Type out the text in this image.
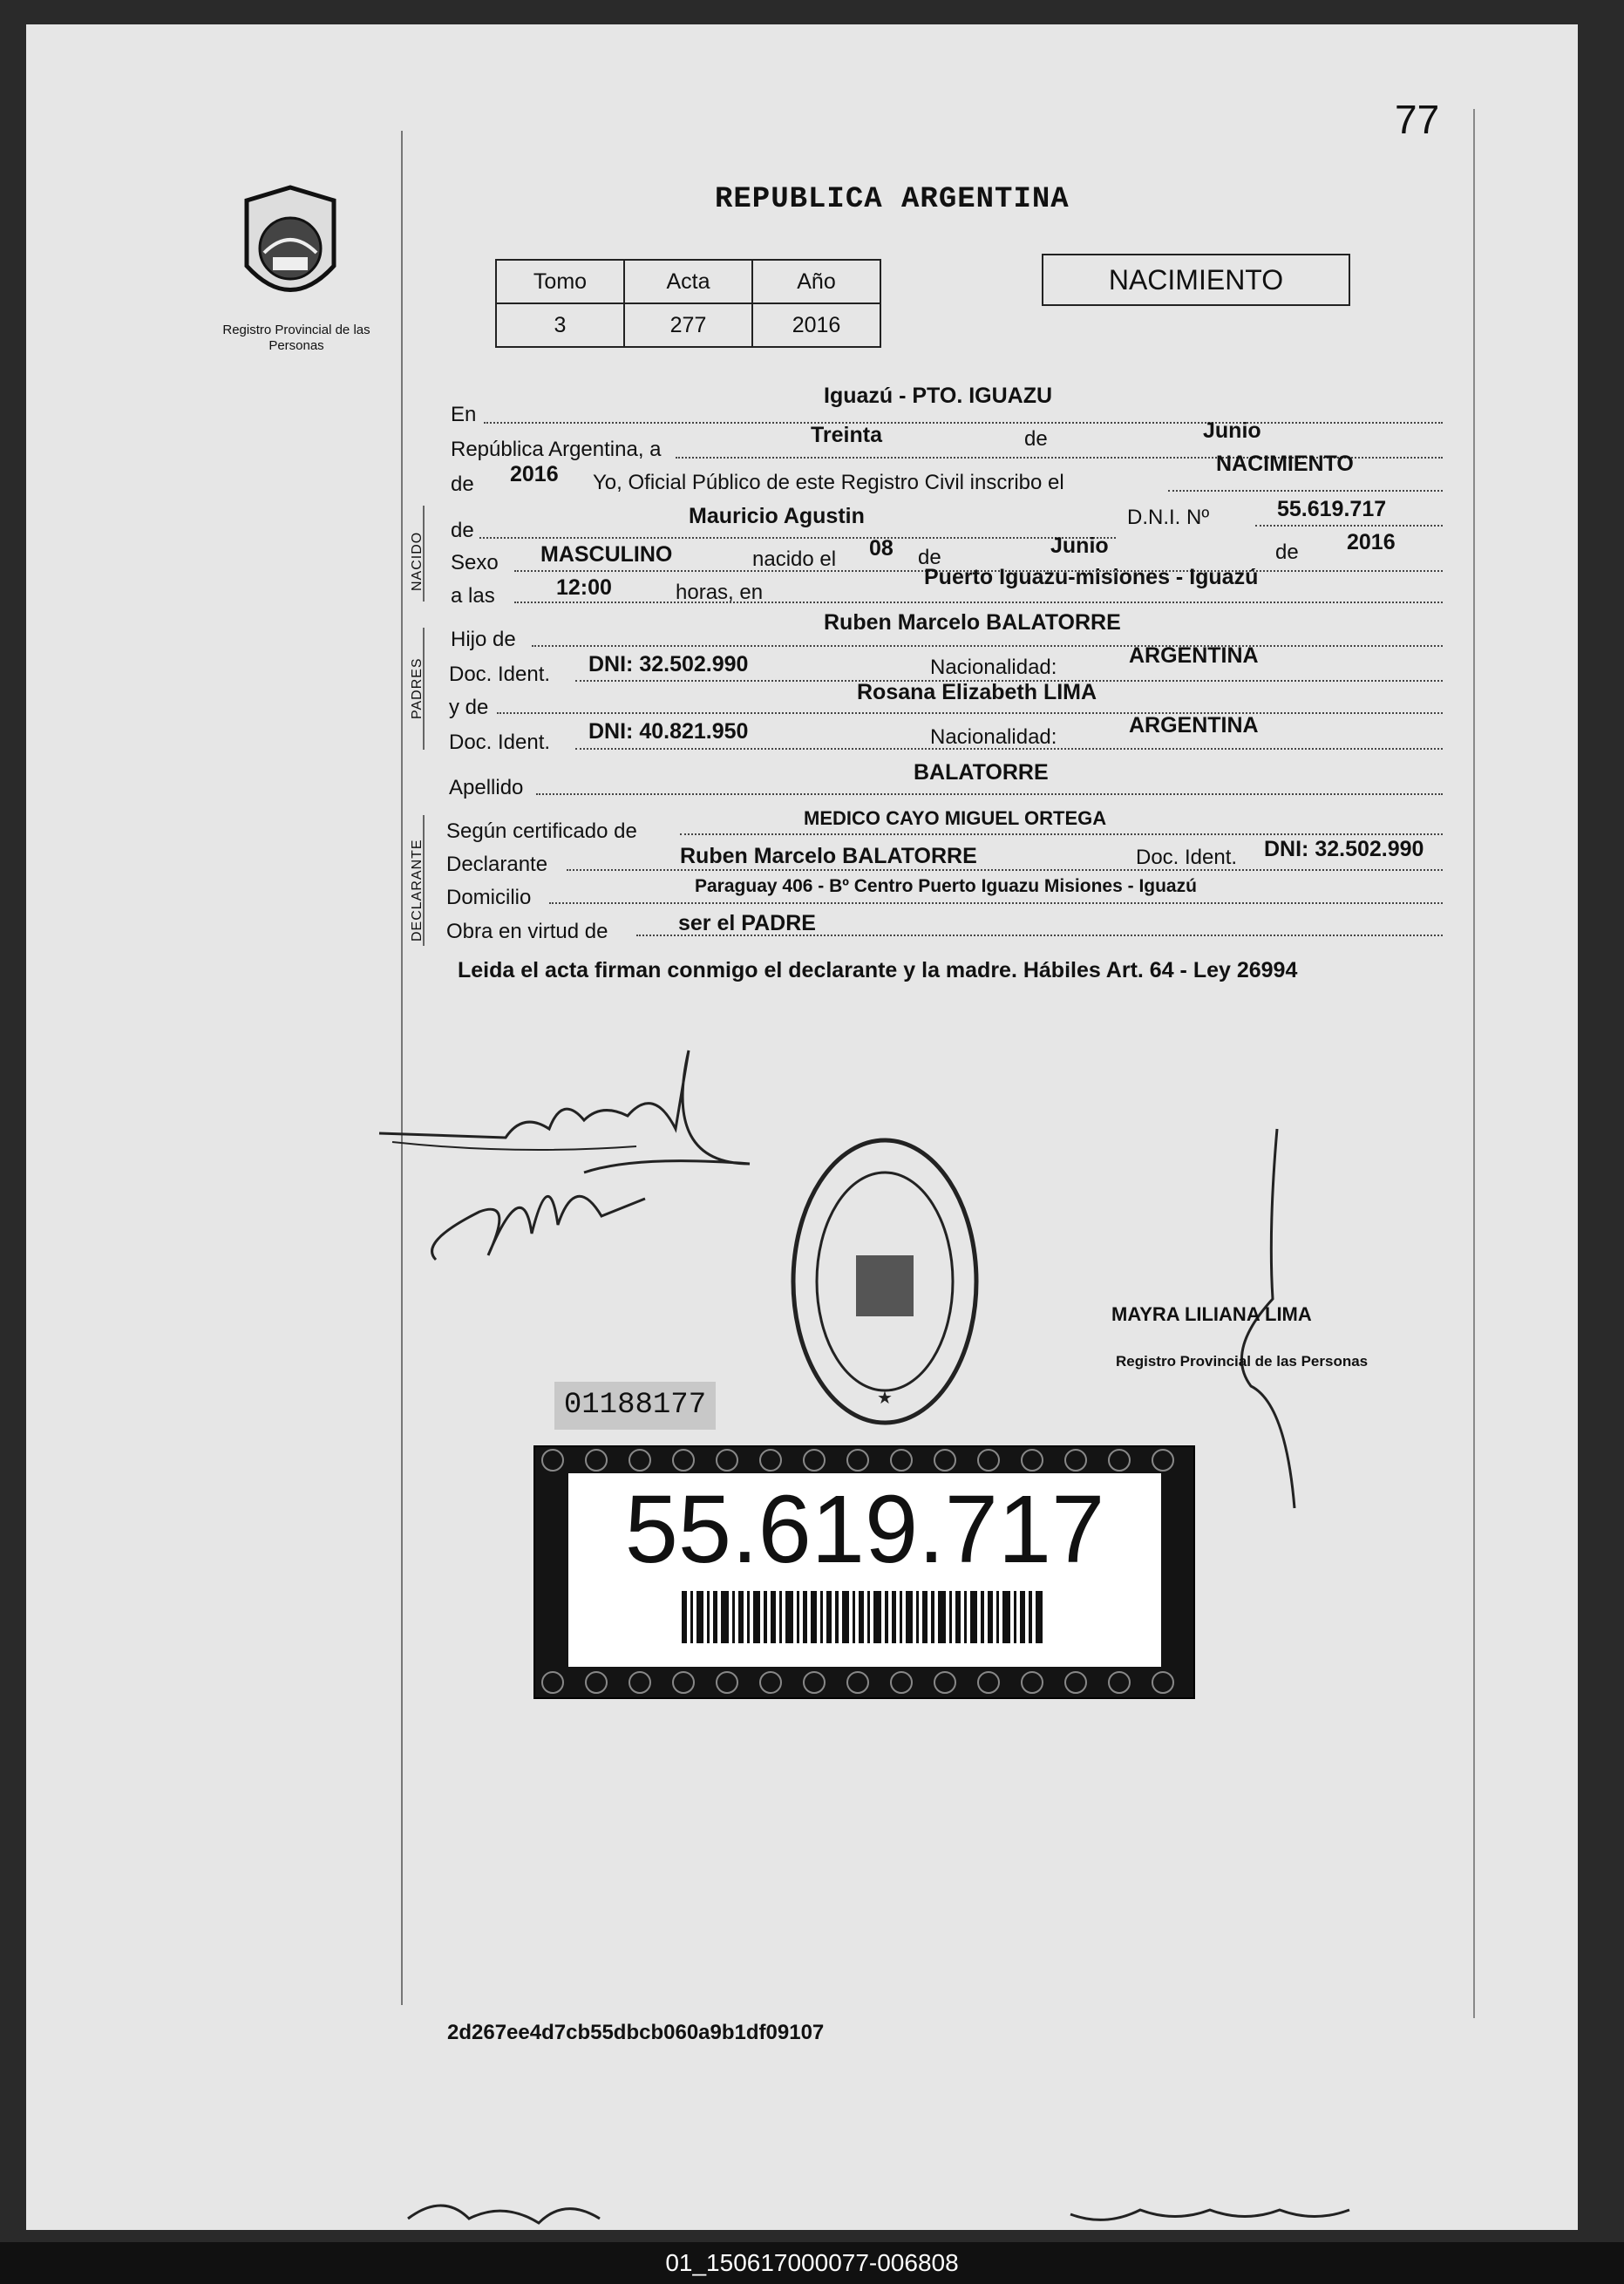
77
REPUBLICA ARGENTINA
Registro Provincial de las Personas
Tomo	Acta	Año
3	277	2016
NACIMIENTO
En
Iguazú - PTO. IGUAZU
República Argentina, a
Treinta	de	Junio
de 2016 Yo, Oficial Público de este Registro Civil inscribo el
NACIMIENTO
NACIDO
de
Mauricio Agustin	D.N.I. Nº	55.619.717
Sexo MASCULINO	nacido el 08 de	Junio	de 2016
a las	12:00	horas, en
Puerto Iguazu-misiones - Iguazú
PADRES
Hijo de
Ruben Marcelo BALATORRE
Doc. Ident. DNI: 32.502.990	Nacionalidad:	ARGENTINA
y de
Rosana Elizabeth LIMA
Doc. Ident. DNI: 40.821.950	Nacionalidad:	ARGENTINA
Apellido
BALATORRE
DECLARANTE
Según certificado de
MEDICO CAYO MIGUEL ORTEGA
Declarante	Ruben Marcelo BALATORRE	Doc. Ident. DNI: 32.502.990
Domicilio	Paraguay 406 - Bº Centro Puerto Iguazu Misiones - Iguazú
Obra en virtud de	ser el PADRE
Leida el acta firman conmigo el declarante y la madre. Hábiles Art. 64 - Ley 26994
★
MAYRA LILIANA LIMA
Registro Provincial de las Personas
01188177
55.619.717
2d267ee4d7cb55dbcb060a9b1df09107
01_150617000077-006808
